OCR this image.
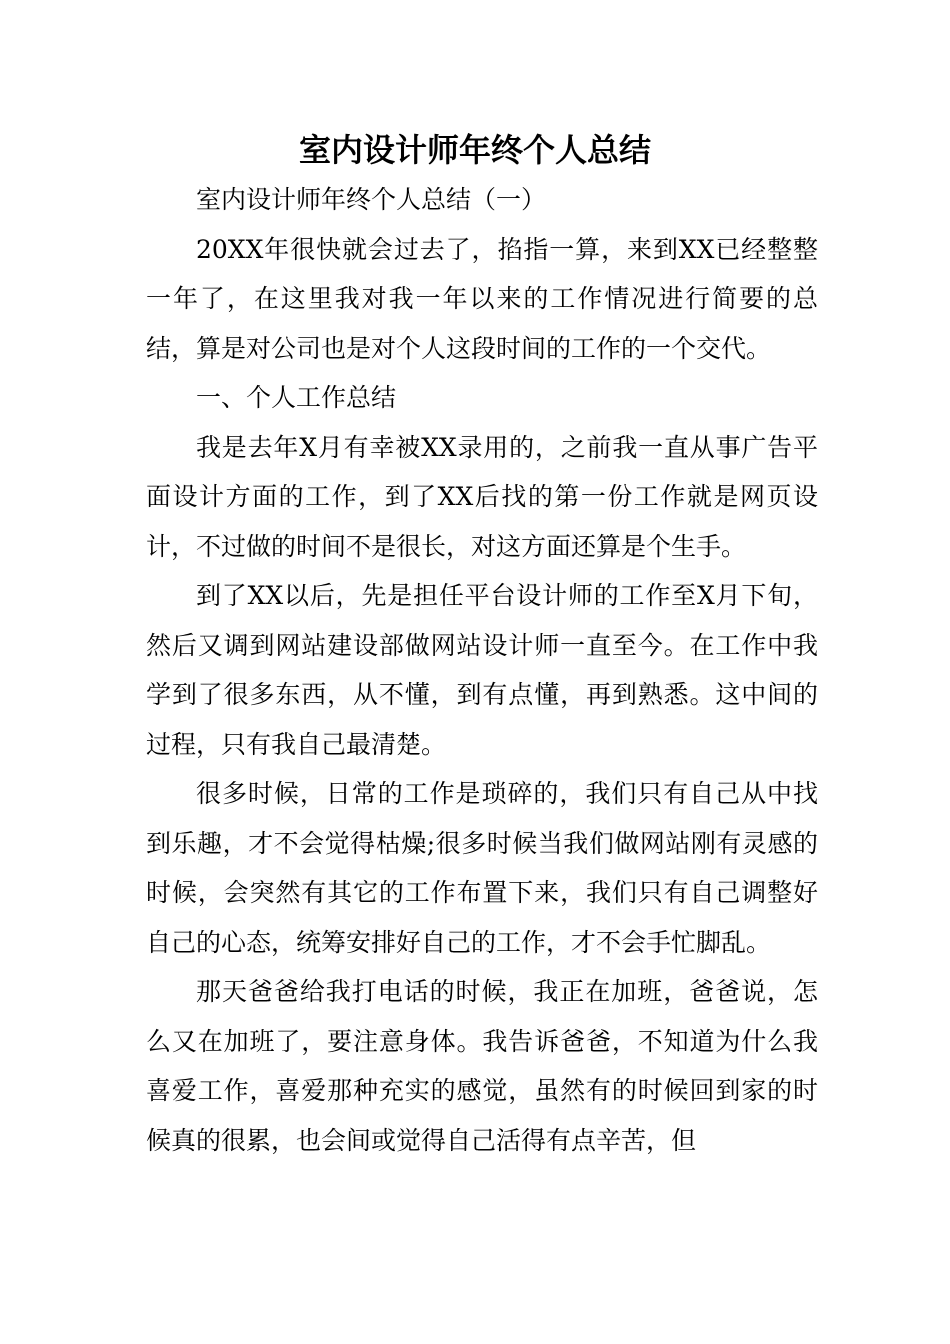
室内设计师年终个人总结

室内设计师年终个人总结（一）

20XX年很快就会过去了，掐指一算，来到XX已经整整一年了，在这里我对我一年以来的工作情况进行简要的总结，算是对公司也是对个人这段时间的工作的一个交代。

一、个人工作总结

我是去年X月有幸被XX录用的，之前我一直从事广告平面设计方面的工作，到了XX后找的第一份工作就是网页设计，不过做的时间不是很长，对这方面还算是个生手。

到了XX以后，先是担任平台设计师的工作至X月下旬，然后又调到网站建设部做网站设计师一直至今。在工作中我学到了很多东西，从不懂，到有点懂，再到熟悉。这中间的过程，只有我自己最清楚。

很多时候，日常的工作是琐碎的，我们只有自己从中找到乐趣，才不会觉得枯燥;很多时候当我们做网站刚有灵感的时候，会突然有其它的工作布置下来，我们只有自己调整好自己的心态，统筹安排好自己的工作，才不会手忙脚乱。

那天爸爸给我打电话的时候，我正在加班，爸爸说，怎么又在加班了，要注意身体。我告诉爸爸，不知道为什么我喜爱工作，喜爱那种充实的感觉，虽然有的时候回到家的时候真的很累，也会间或觉得自己活得有点辛苦，但
